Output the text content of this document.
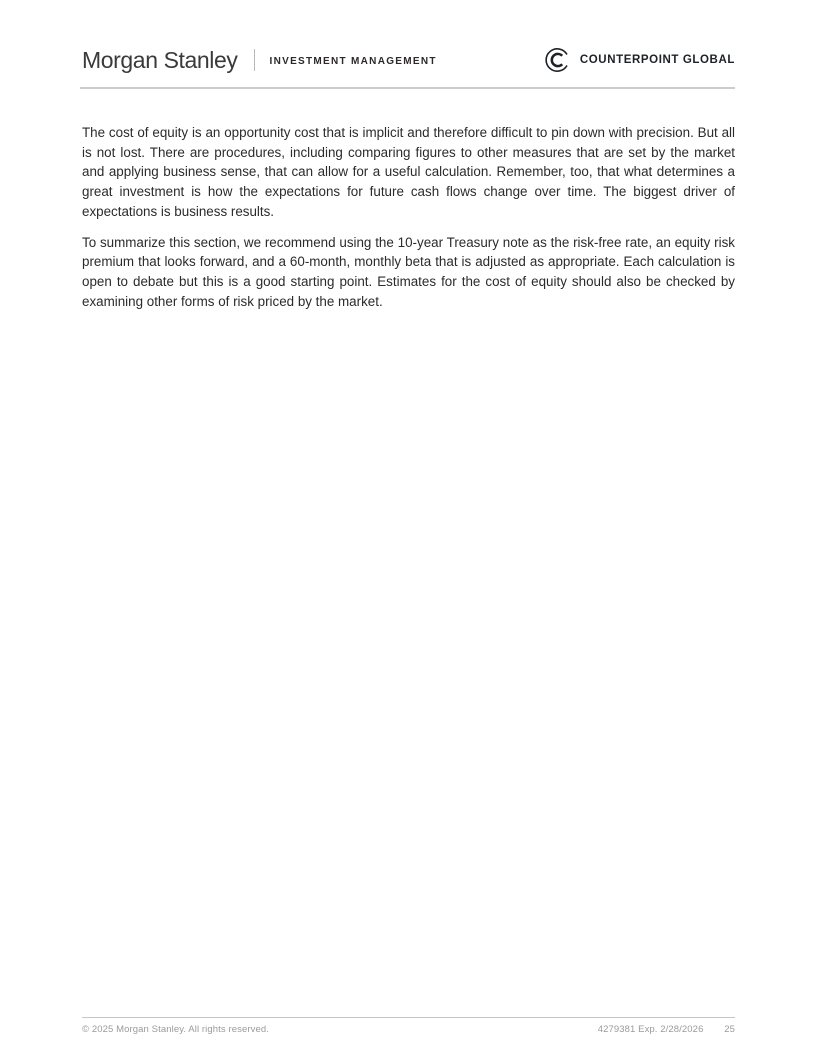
Morgan Stanley	INVESTMENT MANAGEMENT	COUNTERPOINT GLOBAL

The cost of equity is an opportunity cost that is implicit and therefore difficult to pin down with precision. But all is not lost. There are procedures, including comparing figures to other measures that are set by the market and applying business sense, that can allow for a useful calculation. Remember, too, that what determines a great investment is how the expectations for future cash flows change over time. The biggest driver of expectations is business results.

To summarize this section, we recommend using the 10-year Treasury note as the risk-free rate, an equity risk premium that looks forward, and a 60-month, monthly beta that is adjusted as appropriate. Each calculation is open to debate but this is a good starting point. Estimates for the cost of equity should also be checked by examining other forms of risk priced by the market.

© 2025 Morgan Stanley. All rights reserved.	4279381 Exp. 2/28/2026 25
